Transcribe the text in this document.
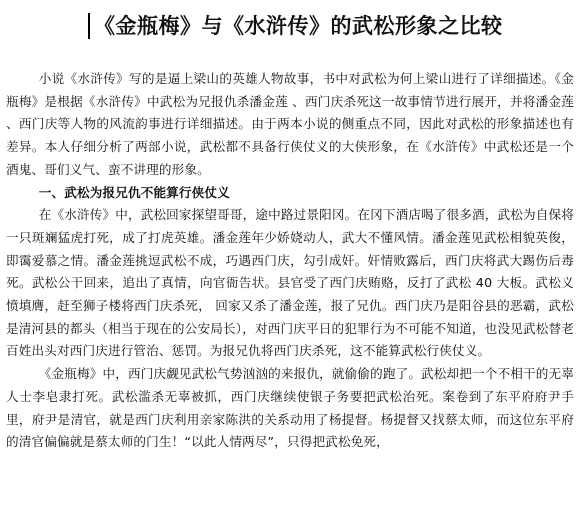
《金瓶梅》与《水浒传》的武松形象之比较

小说《水浒传》写的是逼上梁山的英雄人物故事，书中对武松为何上梁山进行了详细描述。《金瓶梅》是根据《水浒传》中武松为兄报仇杀潘金莲 、西门庆杀死这一故事情节进行展开，并将潘金莲 、西门庆等人物的风流韵事进行详细描述。由于两本小说的侧重点不同，因此对武松的形象描述也有差异。本人仔细分析了两部小说，武松都不具备行侠仗义的大侠形象，在《水浒传》中武松还是一个酒鬼、哥们义气、蛮不讲理的形象。

一、武松为报兄仇不能算行侠仗义

在《水浒传》中，武松回家探望哥哥，途中路过景阳冈。在冈下酒店喝了很多酒，武松为自保将一只斑斓猛虎打死，成了打虎英雄。潘金莲年少娇娆动人，武大不懂风情。潘金莲见武松相貌英俊，即霭爱慕之情。潘金莲挑逗武松不成，巧遇西门庆，勾引成奸。奸情败露后，西门庆将武大踢伤后毒死。武松公干回来，追出了真情，向官衙告状。县官受了西门庆贿赂，反打了武松 40 大板。武松义愤填膺，赶至狮子楼将西门庆杀死， 回家又杀了潘金莲，报了兄仇。西门庆乃是阳谷县的恶霸，武松是清河县的都头（相当于现在的公安局长），对西门庆平日的犯罪行为不可能不知道，也没见武松替老百姓出头对西门庆进行管治、惩罚。为报兄仇将西门庆杀死，这不能算武松行侠仗义。

《金瓶梅》中，西门庆觑见武松气势汹汹的来报仇，就偷偷的跑了。武松却把一个不相干的无辜人士李皂隶打死。武松滥杀无辜被抓，西门庆继续使银子务要把武松治死。案卷到了东平府府尹手里，府尹是清官，就是西门庆利用亲家陈洪的关系动用了杨提督。杨提督又找蔡太师，而这位东平府的清官偏偏就是蔡太师的门生！“以此人情两尽”，只得把武松免死，
